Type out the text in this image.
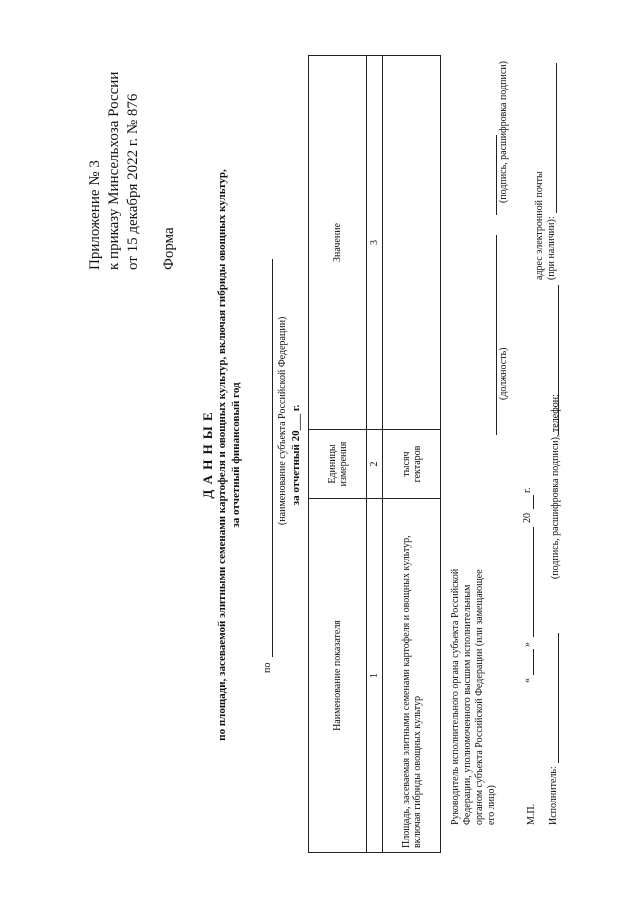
Приложение № 3 к приказу Минсельхоза России от 15 декабря 2022 г. № 876 Форма
Д А Н Н Ы Е по площади, засеваемой элитными семенами картофеля и овощных культур, включая гибриды овощных культур, за отчетный финансовый год
по
(наименование субъекта Российской Федерации) за отчетный 20___ г.
Наименование показателя	Единицы измерения	Значение
1	2	3
Площадь, засеваемая элитными семенами картофеля и овощных культур, включая гибриды овощных культур	тысяч гектаров	
Руководитель исполнительного органа субъекта Российской Федерации, уполномоченного высшим исполнительным органом субъекта Российской Федерации (или замещающее его лицо)
(должность)
(подпись, расшифровка подписи)
М.П.
«
»
20
г.
Исполнитель:
(подпись, расшифровка подписи), телефон:
адрес электронной почты (при наличии):
